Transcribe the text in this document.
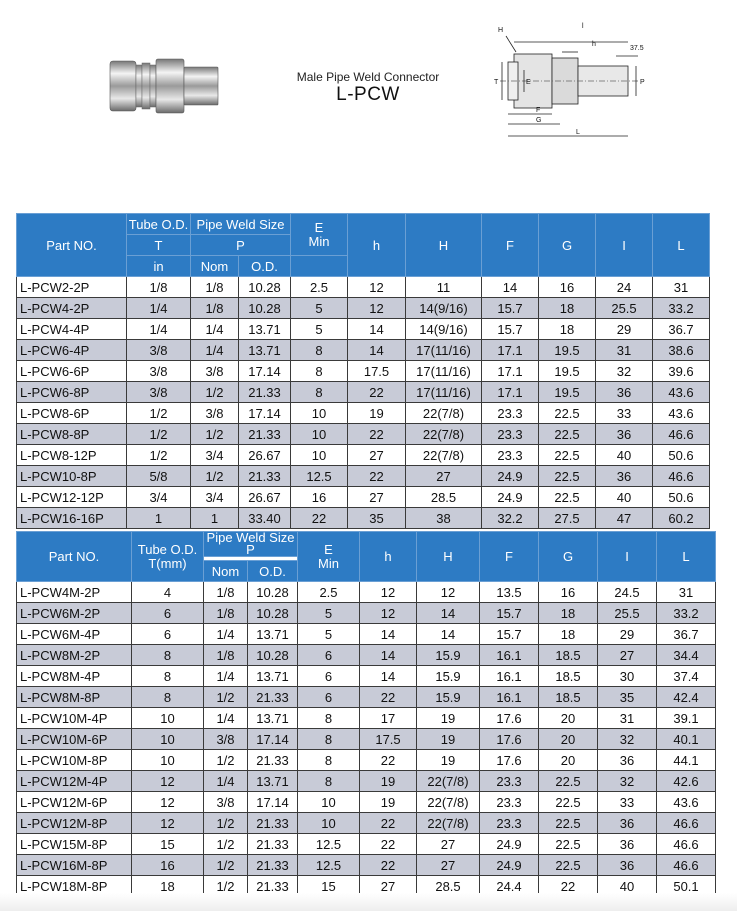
Male Pipe Weld Connector
L-PCW
H
l
h
37.5
T	E	P
F
G
L
Part NO.	Tube O.D.	Pipe Weld Size		E
Min	h	H	F	G	I	L
	T	P								
	in	Nom	O.D.							
L-PCW2-2P	1/8	1/8	10.28	2.5	12	11	14	16	24	31
L-PCW4-2P	1/4	1/8	10.28	5	12	14(9/16)	15.7	18	25.5	33.2
L-PCW4-4P	1/4	1/4	13.71	5	14	14(9/16)	15.7	18	29	36.7
L-PCW6-4P	3/8	1/4	13.71	8	14	17(11/16)	17.1	19.5	31	38.6
L-PCW6-6P	3/8	3/8	17.14	8	17.5	17(11/16)	17.1	19.5	32	39.6
L-PCW6-8P	3/8	1/2	21.33	8	22	17(11/16)	17.1	19.5	36	43.6
L-PCW8-6P	1/2	3/8	17.14	10	19	22(7/8)	23.3	22.5	33	43.6
L-PCW8-8P	1/2	1/2	21.33	10	22	22(7/8)	23.3	22.5	36	46.6
L-PCW8-12P	1/2	3/4	26.67	10	27	22(7/8)	23.3	22.5	40	50.6
L-PCW10-8P	5/8	1/2	21.33	12.5	22	27	24.9	22.5	36	46.6
L-PCW12-12P	3/4	3/4	26.67	16	27	28.5	24.9	22.5	40	50.6
L-PCW16-16P	1	1	33.40	22	35	38	32.2	27.5	47	60.2
Part NO.	Tube O.D.
T(mm)	Pipe Weld Size
P		E
Min	h	H	F	G	I	L

		Nom	O.D.							
L-PCW4M-2P	4	1/8	10.28	2.5	12	12	13.5	16	24.5	31
L-PCW6M-2P	6	1/8	10.28	5	12	14	15.7	18	25.5	33.2
L-PCW6M-4P	6	1/4	13.71	5	14	14	15.7	18	29	36.7
L-PCW8M-2P	8	1/8	10.28	6	14	15.9	16.1	18.5	27	34.4
L-PCW8M-4P	8	1/4	13.71	6	14	15.9	16.1	18.5	30	37.4
L-PCW8M-8P	8	1/2	21.33	6	22	15.9	16.1	18.5	35	42.4
L-PCW10M-4P	10	1/4	13.71	8	17	19	17.6	20	31	39.1
L-PCW10M-6P	10	3/8	17.14	8	17.5	19	17.6	20	32	40.1
L-PCW10M-8P	10	1/2	21.33	8	22	19	17.6	20	36	44.1
L-PCW12M-4P	12	1/4	13.71	8	19	22(7/8)	23.3	22.5	32	42.6
L-PCW12M-6P	12	3/8	17.14	10	19	22(7/8)	23.3	22.5	33	43.6
L-PCW12M-8P	12	1/2	21.33	10	22	22(7/8)	23.3	22.5	36	46.6
L-PCW15M-8P	15	1/2	21.33	12.5	22	27	24.9	22.5	36	46.6
L-PCW16M-8P	16	1/2	21.33	12.5	22	27	24.9	22.5	36	46.6
L-PCW18M-8P	18	1/2	21.33	15	27	28.5	24.4	22	40	50.1
